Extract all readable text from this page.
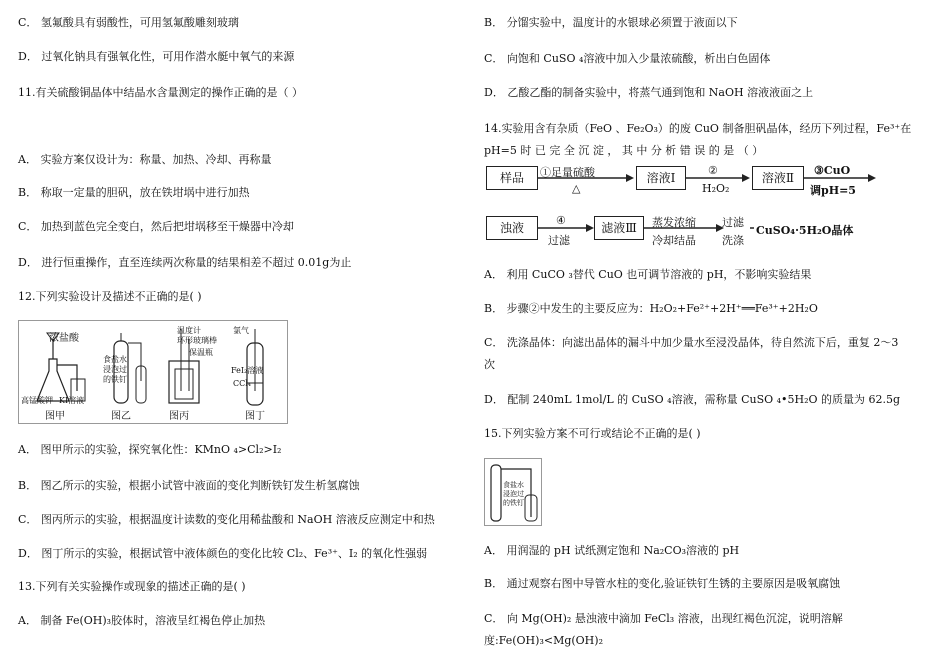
C． 氢氟酸具有弱酸性，可用氢氟酸雕刻玻璃
D． 过氧化钠具有强氧化性，可用作潜水艇中氧气的来源
11.有关硫酸铜晶体中结晶水含量测定的操作正确的是（ ）
A． 实验方案仅设计为：称量、加热、冷却、再称量
B． 称取一定量的胆矾，放在铁坩埚中进行加热
C． 加热到蓝色完全变白，然后把坩埚移至干燥器中冷却
D． 进行恒重操作，直至连续两次称量的结果相差不超过 0.01g为止
12.下列实验设计及描述不正确的是( )
浓盐酸
高锰酸钾 KI溶液
食盐水浸泡过的铁钉
温度计
环形玻璃棒
保温瓶
氯气
FeI₂溶液
CCl₄
图甲	图乙	图丙	图丁
A． 图甲所示的实验，探究氧化性：KMnO ₄>Cl₂>I₂
B． 图乙所示的实验，根据小试管中液面的变化判断铁钉发生析氢腐蚀
C． 图丙所示的实验，根据温度计读数的变化用稀盐酸和 NaOH 溶液反应测定中和热
D． 图丁所示的实验，根据试管中液体颜色的变化比较 Cl₂、Fe³⁺、I₂ 的氧化性强弱
13.下列有关实验操作或现象的描述正确的是( )
A． 制备 Fe(OH)₃胶体时，溶液呈红褐色停止加热
B． 分馏实验中，温度计的水银球必须置于液面以下
C． 向饱和 CuSO ₄溶液中加入少量浓硫酸，析出白色固体
D． 乙酸乙酯的制备实验中，将蒸气通到饱和 NaOH 溶液液面之上
14.实验用含有杂质（FeO 、Fe₂O₃）的废 CuO 制备胆矾晶体，经历下列过程，Fe³⁺在
pH=5 时 已 完 全 沉 淀 ， 其 中 分 析 错 误 的 是 （ ）
样品	①足量硫酸
△
溶液Ⅰ
②
H₂O₂
溶液Ⅱ
③CuO
调pH=5
浊液
④
过滤
滤液Ⅲ	蒸发浓缩
冷却结晶
过滤
洗涤
CuSO₄·5H₂O晶体
A． 利用 CuCO ₃替代 CuO 也可调节溶液的 pH，不影响实验结果
B． 步骤②中发生的主要反应为：H₂O₂+Fe²⁺+2H⁺══Fe³⁺+2H₂O
C． 洗涤晶体：向滤出晶体的漏斗中加少量水至浸没晶体，待自然流下后，重复 2～3
次
D． 配制 240mL 1mol/L 的 CuSO ₄溶液，需称量 CuSO ₄•5H₂O 的质量为 62.5g
15.下列实验方案不可行或结论不正确的是( )
食盐水浸泡过的铁钉
A． 用润湿的 pH 试纸测定饱和 Na₂CO₃溶液的 pH
B． 通过观察右图中导管水柱的变化,验证铁钉生锈的主要原因是吸氧腐蚀
C． 向 Mg(OH)₂ 悬浊液中滴加 FeCl₃ 溶液，出现红褐色沉淀，说明溶解
度:Fe(OH)₃<Mg(OH)₂
